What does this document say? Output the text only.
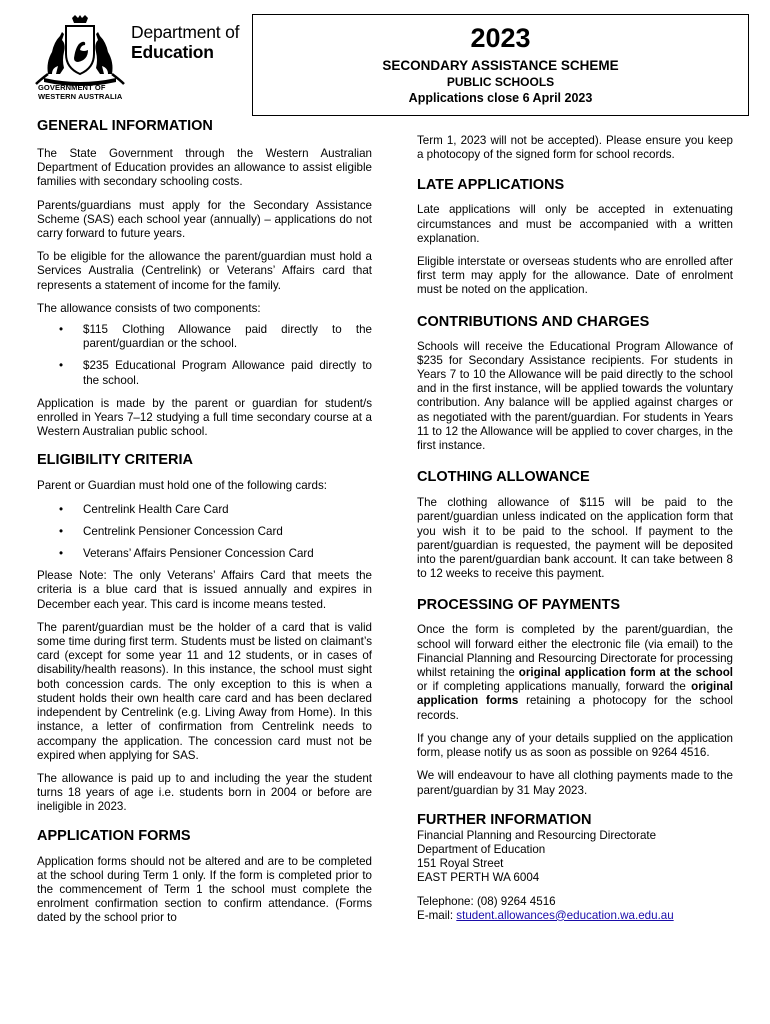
Department of
Education
GOVERNMENT OF
WESTERN AUSTRALIA
2023
SECONDARY ASSISTANCE SCHEME
PUBLIC SCHOOLS
Applications close 6 April 2023
GENERAL INFORMATION

The State Government through the Western Australian Department of Education provides an allowance to assist eligible families with secondary schooling costs.

Parents/guardians must apply for the Secondary Assistance Scheme (SAS) each school year (annually) – applications do not carry forward to future years.

To be eligible for the allowance the parent/guardian must hold a Services Australia (Centrelink) or Veterans’ Affairs card that represents a statement of income for the family.

The allowance consists of two components:

• $115 Clothing Allowance paid directly to the parent/guardian or the school.
• $235 Educational Program Allowance paid directly to the school.

Application is made by the parent or guardian for student/s enrolled in Years 7–12 studying a full time secondary course at a Western Australian public school.

ELIGIBILITY CRITERIA

Parent or Guardian must hold one of the following cards:

• Centrelink Health Care Card
• Centrelink Pensioner Concession Card
• Veterans’ Affairs Pensioner Concession Card

Please Note: The only Veterans’ Affairs Card that meets the criteria is a blue card that is issued annually and expires in December each year. This card is income means tested.

The parent/guardian must be the holder of a card that is valid some time during first term. Students must be listed on claimant’s card (except for some year 11 and 12 students, or in cases of disability/health reasons). In this instance, the school must sight both concession cards. The only exception to this is when a student holds their own health care card and has been declared independent by Centrelink (e.g. Living Away from Home). In this instance, a letter of confirmation from Centrelink needs to accompany the application. The concession card must not be expired when applying for SAS.

The allowance is paid up to and including the year the student turns 18 years of age i.e. students born in 2004 or before are ineligible in 2023.

APPLICATION FORMS

Application forms should not be altered and are to be completed at the school during Term 1 only. If the form is completed prior to the commencement of Term 1 the school must complete the enrolment confirmation section to confirm attendance. (Forms dated by the school prior to

Term 1, 2023 will not be accepted). Please ensure you keep a photocopy of the signed form for school records.

LATE APPLICATIONS

Late applications will only be accepted in extenuating circumstances and must be accompanied with a written explanation.

Eligible interstate or overseas students who are enrolled after first term may apply for the allowance. Date of enrolment must be noted on the application.

CONTRIBUTIONS AND CHARGES

Schools will receive the Educational Program Allowance of $235 for Secondary Assistance recipients. For students in Years 7 to 10 the Allowance will be paid directly to the school and in the first instance, will be applied towards the voluntary contribution. Any balance will be applied against charges or as negotiated with the parent/guardian. For students in Years 11 to 12 the Allowance will be applied to cover charges, in the first instance.

CLOTHING ALLOWANCE

The clothing allowance of $115 will be paid to the parent/guardian unless indicated on the application form that you wish it to be paid to the school. If payment to the parent/guardian is requested, the payment will be deposited into the parent/guardian bank account. It can take between 8 to 12 weeks to receive this payment.

PROCESSING OF PAYMENTS

Once the form is completed by the parent/guardian, the school will forward either the electronic file (via email) to the Financial Planning and Resourcing Directorate for processing whilst retaining the original application form at the school or if completing applications manually, forward the original application forms retaining a photocopy for the school records.

If you change any of your details supplied on the application form, please notify us as soon as possible on 9264 4516.

We will endeavour to have all clothing payments made to the parent/guardian by 31 May 2023.

FURTHER INFORMATION

Financial Planning and Resourcing Directorate

Department of Education

151 Royal Street

EAST PERTH WA 6004

Telephone: (08) 9264 4516

E-mail: student.allowances@education.wa.edu.au
